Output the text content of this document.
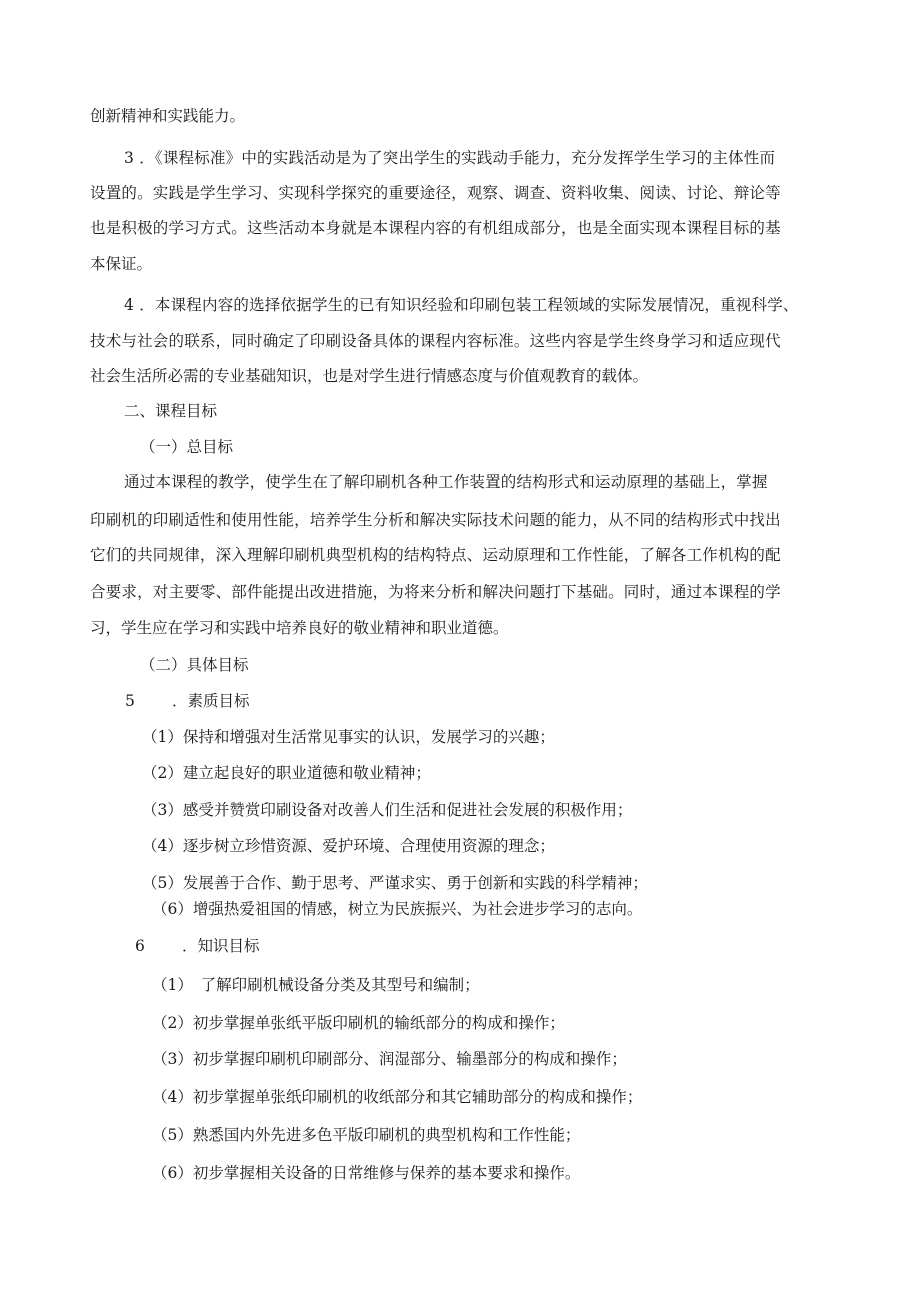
创新精神和实践能力。
3 ．《课程标准》中的实践活动是为了突出学生的实践动手能力，充分发挥学生学习的主体性而
设置的。实践是学生学习、实现科学探究的重要途径，观察、调查、资料收集、阅读、讨论、辩论等
也是积极的学习方式。这些活动本身就是本课程内容的有机组成部分，也是全面实现本课程目标的基
本保证。
4 ．本课程内容的选择依据学生的已有知识经验和印刷包装工程领域的实际发展情况，重视科学、
技术与社会的联系，同时确定了印刷设备具体的课程内容标准。这些内容是学生终身学习和适应现代
社会生活所必需的专业基础知识，也是对学生进行情感态度与价值观教育的载体。
二、课程目标
（一）总目标
通过本课程的教学，使学生在了解印刷机各种工作装置的结构形式和运动原理的基础上，掌握
印刷机的印刷适性和使用性能，培养学生分析和解决实际技术问题的能力，从不同的结构形式中找出
它们的共同规律，深入理解印刷机典型机构的结构特点、运动原理和工作性能，了解各工作机构的配
合要求，对主要零、部件能提出改进措施，为将来分析和解决问题打下基础。同时，通过本课程的学
习，学生应在学习和实践中培养良好的敬业精神和职业道德。
（二）具体目标
5 ．素质目标
（1）保持和增强对生活常见事实的认识，发展学习的兴趣；
（2）建立起良好的职业道德和敬业精神；
（3）感受并赞赏印刷设备对改善人们生活和促进社会发展的积极作用；
（4）逐步树立珍惜资源、爱护环境、合理使用资源的理念；
（5）发展善于合作、勤于思考、严谨求实、勇于创新和实践的科学精神；
（6）增强热爱祖国的情感，树立为民族振兴、为社会进步学习的志向。
6 ．知识目标
（1）　了解印刷机械设备分类及其型号和编制；
（2）初步掌握单张纸平版印刷机的输纸部分的构成和操作；
（3）初步掌握印刷机印刷部分、润湿部分、输墨部分的构成和操作；
（4）初步掌握单张纸印刷机的收纸部分和其它辅助部分的构成和操作；
（5）熟悉国内外先进多色平版印刷机的典型机构和工作性能；
（6）初步掌握相关设备的日常维修与保养的基本要求和操作。
